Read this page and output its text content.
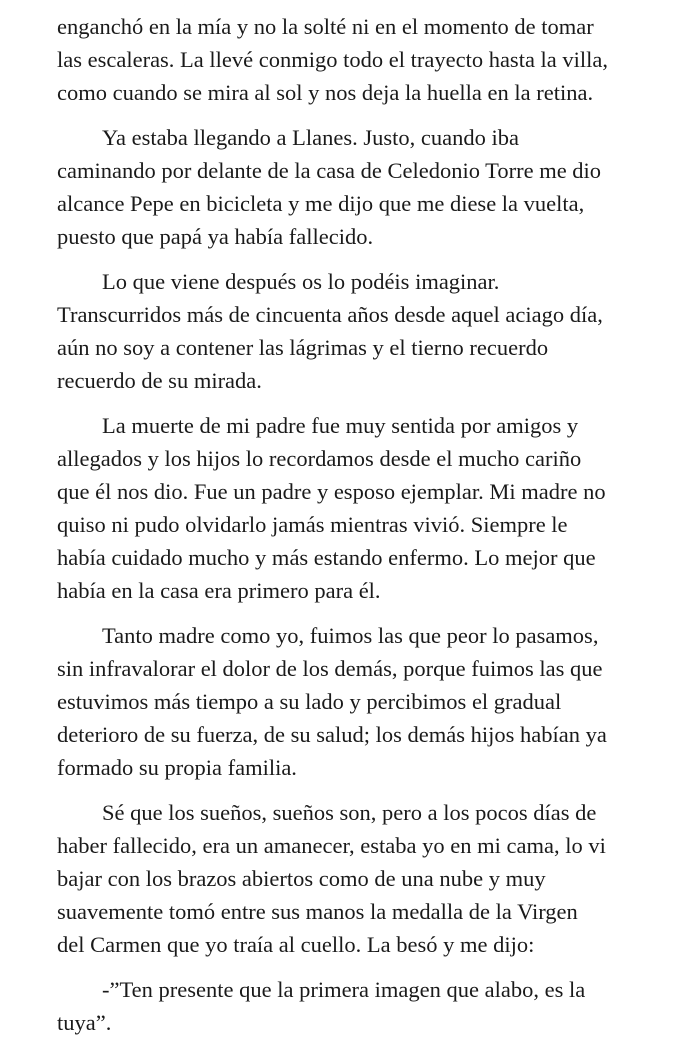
enganchó en la mía y no la solté ni en el momento de tomar
las escaleras. La llevé conmigo todo el trayecto hasta la villa,
como cuando se mira al sol y nos deja la huella en la retina.

Ya estaba llegando a Llanes. Justo, cuando iba
caminando por delante de la casa de Celedonio Torre me dio
alcance Pepe en bicicleta y me dijo que me diese la vuelta,
puesto que papá ya había fallecido.

Lo que viene después os lo podéis imaginar.
Transcurridos más de cincuenta años desde aquel aciago día,
aún no soy a contener las lágrimas y el tierno recuerdo
recuerdo de su mirada.

La muerte de mi padre fue muy sentida por amigos y
allegados y los hijos lo recordamos desde el mucho cariño
que él nos dio. Fue un padre y esposo ejemplar. Mi madre no
quiso ni pudo olvidarlo jamás mientras vivió. Siempre le
había cuidado mucho y más estando enfermo. Lo mejor que
había en la casa era primero para él.

Tanto madre como yo, fuimos las que peor lo pasamos,
sin infravalorar el dolor de los demás, porque fuimos las que
estuvimos más tiempo a su lado y percibimos el gradual
deterioro de su fuerza, de su salud; los demás hijos habían ya
formado su propia familia.

Sé que los sueños, sueños son, pero a los pocos días de
haber fallecido, era un amanecer, estaba yo en mi cama, lo vi
bajar con los brazos abiertos como de una nube y muy
suavemente tomó entre sus manos la medalla de la Virgen
del Carmen que yo traía al cuello. La besó y me dijo:

-”Ten presente que la primera imagen que alabo, es la
tuya”.
